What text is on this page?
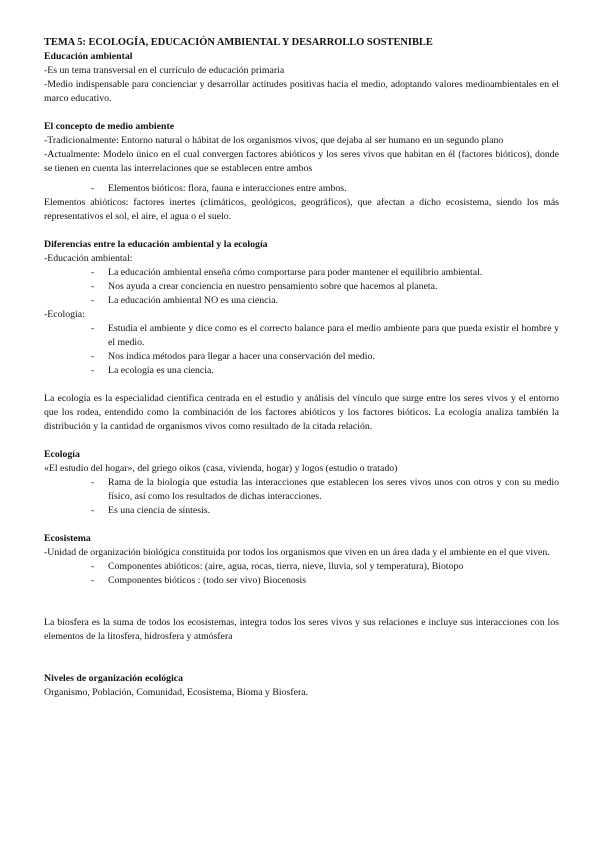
TEMA 5: ECOLOGÍA, EDUCACIÓN AMBIENTAL Y DESARROLLO SOSTENIBLE
Educación ambiental
-Es un tema transversal en el currículo de educación primaria
-Medio indispensable para concienciar y desarrollar actitudes positivas hacia el medio, adoptando valores medioambientales en el marco educativo.
El concepto de medio ambiente
-Tradicionalmente: Entorno natural o hábitat de los organismos vivos, que dejaba al ser humano en un segundo plano
-Actualmente: Modelo único en el cual convergen factores abióticos y los seres vivos que habitan en él (factores bióticos), donde se tienen en cuenta las interrelaciones que se establecen entre ambos
- Elementos bióticos: flora, fauna e interacciones entre ambos.
Elementos abióticos: factores inertes (climáticos, geológicos, geográficos), que afectan a dicho ecosistema, siendo los más representativos el sol, el aire, el agua o el suelo.
Diferencias entre la educación ambiental y la ecología
-Educación ambiental:
- La educación ambiental enseña cómo comportarse para poder mantener el equilibrio ambiental.
- Nos ayuda a crear conciencia en nuestro pensamiento sobre que hacemos al planeta.
- La educación ambiental NO es una ciencia.
-Ecología:
- Estudia el ambiente y dice como es el correcto balance para el medio ambiente para que pueda existir el hombre y el medio.
- Nos indica métodos para llegar a hacer una conservación del medio.
- La ecología es una ciencia.
La ecología es la especialidad científica centrada en el estudio y análisis del vínculo que surge entre los seres vivos y el entorno que los rodea, entendido como la combinación de los factores abióticos y los factores bióticos. La ecología analiza también la distribución y la cantidad de organismos vivos como resultado de la citada relación.
Ecología
«El estudio del hogar», del griego oikos (casa, vivienda, hogar) y logos (estudio o tratado)
- Rama de la biología que estudia las interacciones que establecen los seres vivos unos con otros y con su medio físico, así como los resultados de dichas interacciones.
- Es una ciencia de síntesis.
Ecosistema
-Unidad de organización biológica constituida por todos los organismos que viven en un área dada y el ambiente en el que viven.
- Componentes abióticos: (aire, agua, rocas, tierra, nieve, lluvia, sol y temperatura), Biotopo
- Componentes bióticos : (todo ser vivo) Biocenosis
La biosfera es la suma de todos los ecosistemas, integra todos los seres vivos y sus relaciones e incluye sus interacciones con los elementos de la litosfera, hidrosfera y atmósfera
Niveles de organización ecológica
Organismo, Población, Comunidad, Ecosistema, Bioma y Biosfera.
